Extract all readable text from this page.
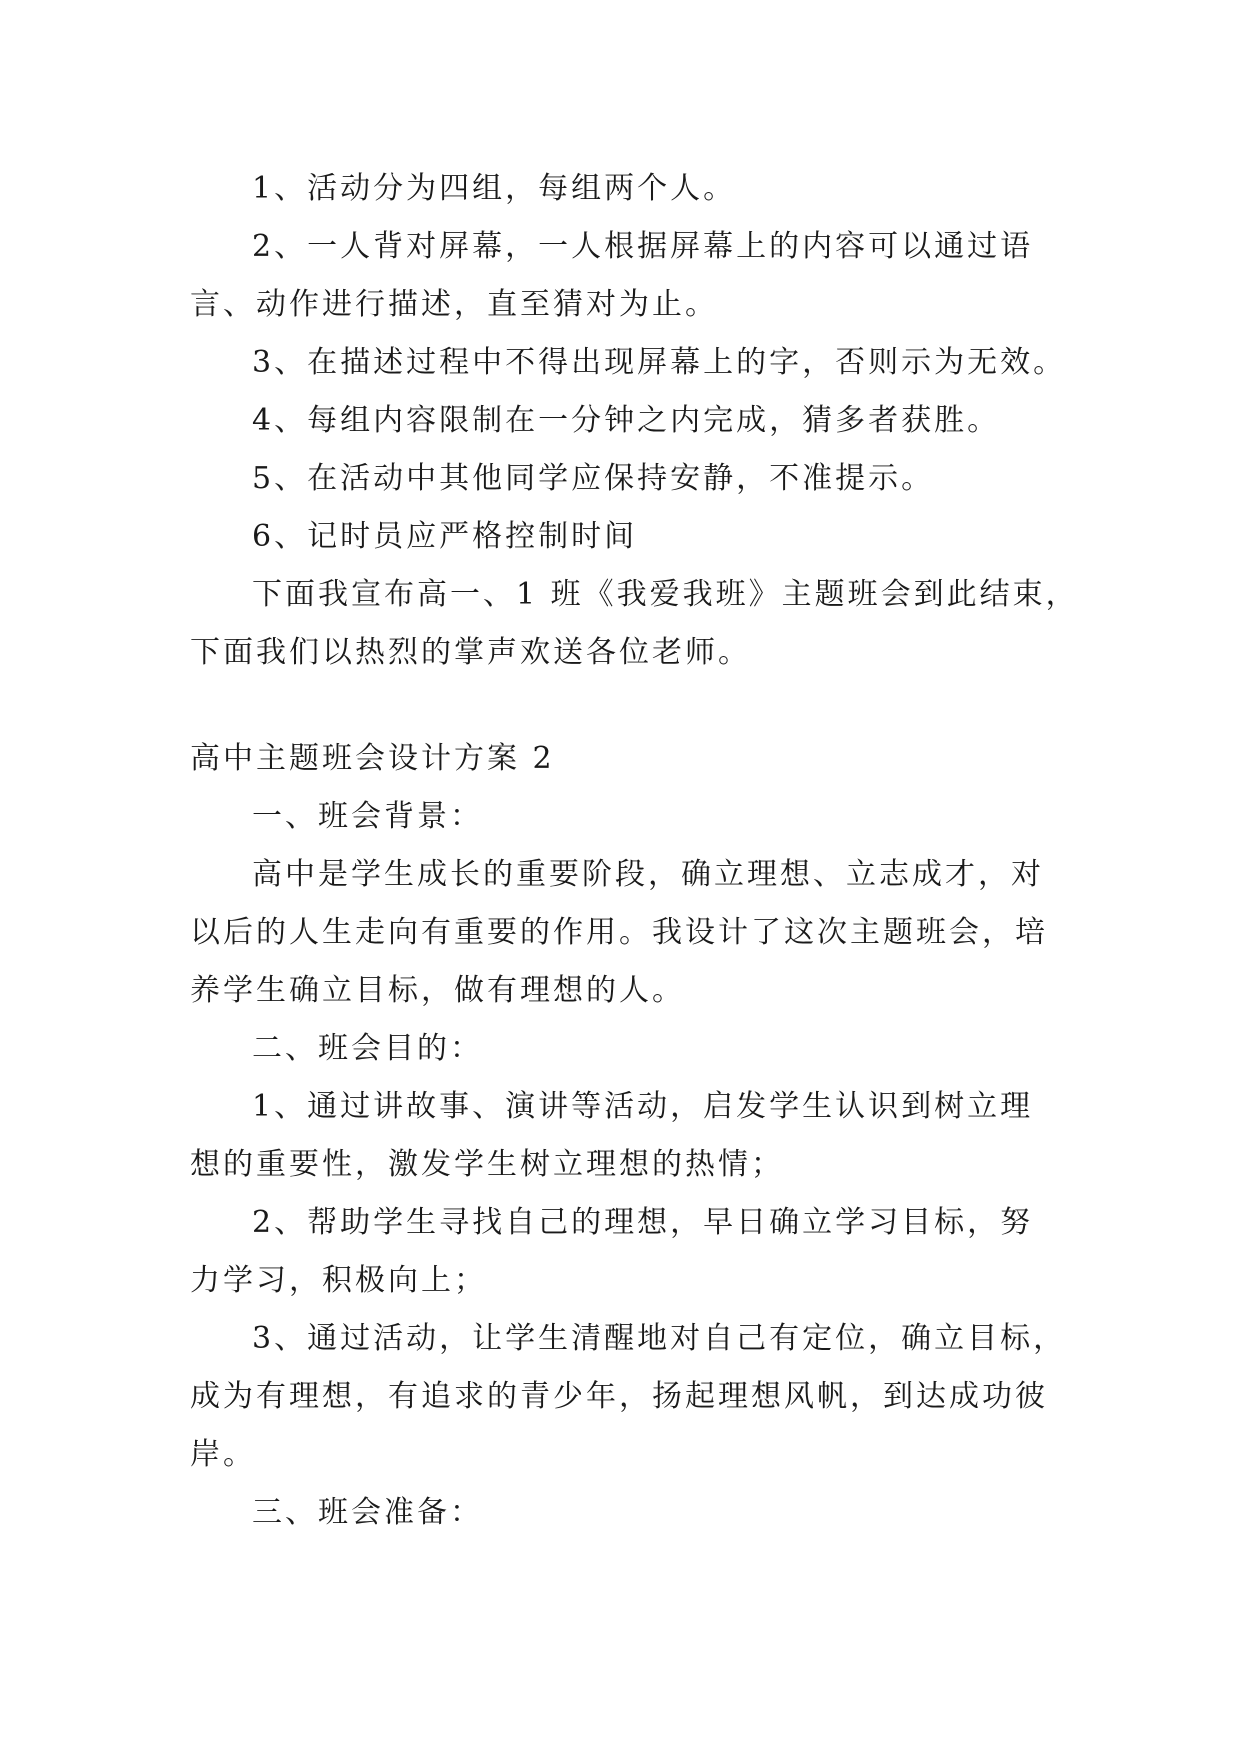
1、活动分为四组，每组两个人。
2、一人背对屏幕，一人根据屏幕上的内容可以通过语
言、动作进行描述，直至猜对为止。
3、在描述过程中不得出现屏幕上的字，否则示为无效。
4、每组内容限制在一分钟之内完成，猜多者获胜。
5、在活动中其他同学应保持安静，不准提示。
6、记时员应严格控制时间
下面我宣布高一、1 班《我爱我班》主题班会到此结束，
下面我们以热烈的掌声欢送各位老师。
高中主题班会设计方案 2
一、班会背景：
高中是学生成长的重要阶段，确立理想、立志成才，对
以后的人生走向有重要的作用。我设计了这次主题班会，培
养学生确立目标，做有理想的人。
二、班会目的：
1、通过讲故事、演讲等活动，启发学生认识到树立理
想的重要性，激发学生树立理想的热情；
2、帮助学生寻找自己的理想，早日确立学习目标，努
力学习，积极向上；
3、通过活动，让学生清醒地对自己有定位，确立目标，
成为有理想，有追求的青少年，扬起理想风帆，到达成功彼
岸。
三、班会准备：
